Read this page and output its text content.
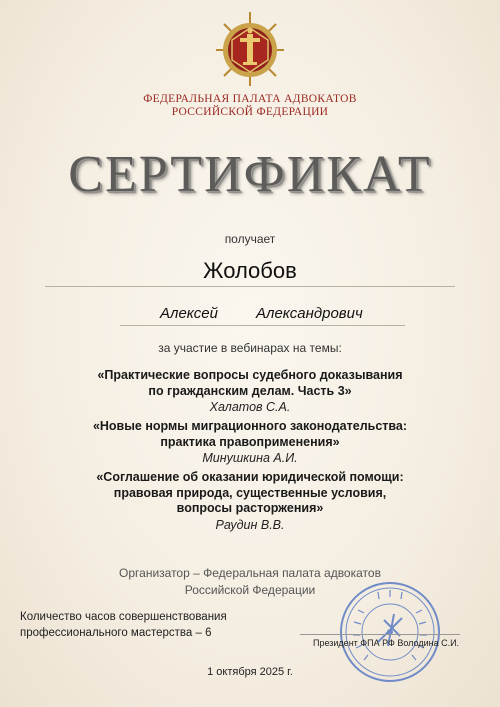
ФЕДЕРАЛЬНАЯ ПАЛАТА АДВОКАТОВ
РОССИЙСКОЙ ФЕДЕРАЦИИ
СЕРТИФИКАТ
получает
Жолобов
Алексей	Александрович
за участие в вебинарах на темы:
«Практические вопросы судебного доказывания
по гражданским делам. Часть 3»
Халатов С.А.
«Новые нормы миграционного законодательства:
практика правоприменения»
Минушкина А.И.
«Соглашение об оказании юридической помощи:
правовая природа, существенные условия,
вопросы расторжения»
Раудин В.В.
Организатор – Федеральная палата адвокатов
Российской Федерации
Количество часов совершенствования
профессионального мастерства – 6
Президент ФПА РФ Володина С.И.
1 октября 2025 г.
